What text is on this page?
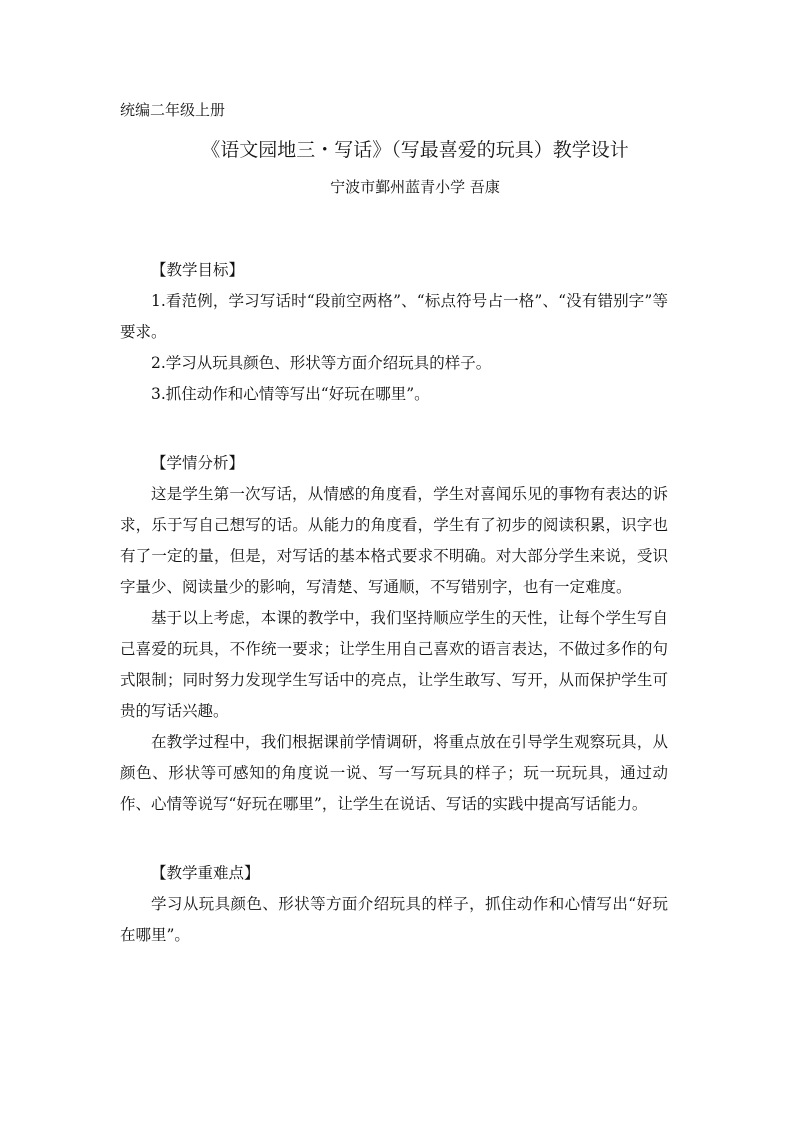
统编二年级上册
《语文园地三・写话》（写最喜爱的玩具）教学设计
宁波市鄞州蓝青小学 吾康

【教学目标】

1.看范例，学习写话时“段前空两格”、“标点符号占一格”、“没有错别字”等要求。

2.学习从玩具颜色、形状等方面介绍玩具的样子。

3.抓住动作和心情等写出“好玩在哪里”。

【学情分析】

这是学生第一次写话，从情感的角度看，学生对喜闻乐见的事物有表达的诉求，乐于写自己想写的话。从能力的角度看，学生有了初步的阅读积累，识字也有了一定的量，但是，对写话的基本格式要求不明确。对大部分学生来说，受识字量少、阅读量少的影响，写清楚、写通顺，不写错别字，也有一定难度。

基于以上考虑，本课的教学中，我们坚持顺应学生的天性，让每个学生写自己喜爱的玩具，不作统一要求；让学生用自己喜欢的语言表达，不做过多作的句式限制；同时努力发现学生写话中的亮点，让学生敢写、写开，从而保护学生可贵的写话兴趣。

在教学过程中，我们根据课前学情调研，将重点放在引导学生观察玩具，从颜色、形状等可感知的角度说一说、写一写玩具的样子；玩一玩玩具，通过动作、心情等说写“好玩在哪里”，让学生在说话、写话的实践中提高写话能力。

【教学重难点】

学习从玩具颜色、形状等方面介绍玩具的样子，抓住动作和心情写出“好玩在哪里”。
